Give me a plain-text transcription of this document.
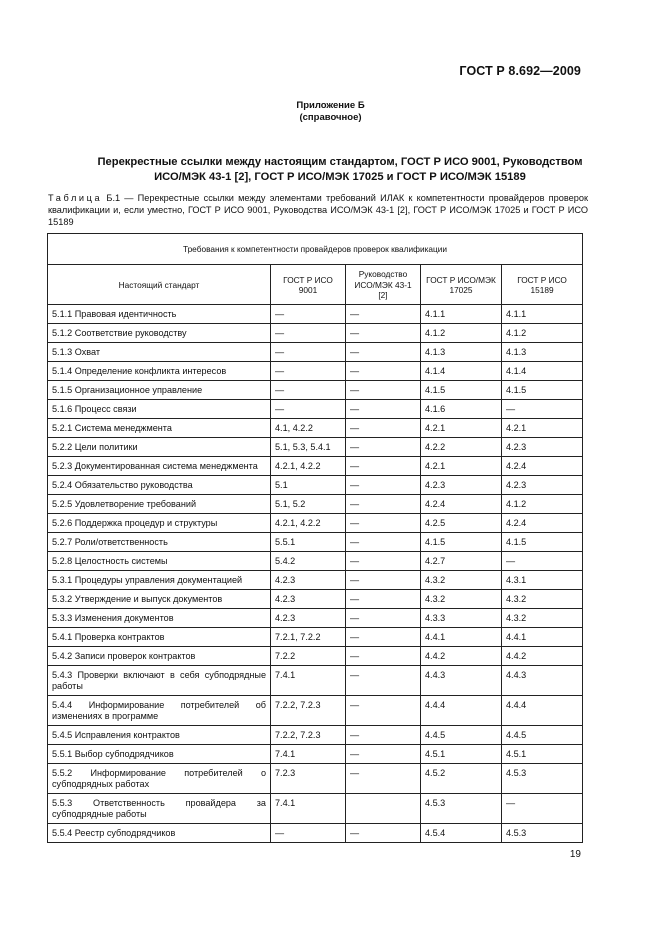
ГОСТ Р 8.692—2009
Приложение Б
(справочное)
Перекрестные ссылки между настоящим стандартом, ГОСТ Р ИСО 9001, Руководством
ИСО/МЭК 43-1 [2], ГОСТ Р ИСО/МЭК 17025 и ГОСТ Р ИСО/МЭК 15189
Таблица Б.1 — Перекрестные ссылки между элементами требований ИЛАК к компетентности провайдеров проверок квалификации и, если уместно, ГОСТ Р ИСО 9001, Руководства ИСО/МЭК 43-1 [2], ГОСТ Р ИСО/МЭК 17025 и ГОСТ Р ИСО 15189
Требования к компетентности провайдеров проверок квалификации				
Настоящий стандарт	ГОСТ Р ИСО 9001	Руководство ИСО/МЭК 43-1 [2]	ГОСТ Р ИСО/МЭК 17025	ГОСТ Р ИСО 15189
5.1.1 Правовая идентичность	—	—	4.1.1	4.1.1
5.1.2 Соответствие руководству	—	—	4.1.2	4.1.2
5.1.3 Охват	—	—	4.1.3	4.1.3
5.1.4 Определение конфликта интересов	—	—	4.1.4	4.1.4
5.1.5 Организационное управление	—	—	4.1.5	4.1.5
5.1.6 Процесс связи	—	—	4.1.6	—
5.2.1 Система менеджмента	4.1, 4.2.2	—	4.2.1	4.2.1
5.2.2 Цели политики	5.1, 5.3, 5.4.1	—	4.2.2	4.2.3
5.2.3 Документированная система менеджмента	4.2.1, 4.2.2	—	4.2.1	4.2.4
5.2.4 Обязательство руководства	5.1	—	4.2.3	4.2.3
5.2.5 Удовлетворение требований	5.1, 5.2	—	4.2.4	4.1.2
5.2.6 Поддержка процедур и структуры	4.2.1, 4.2.2	—	4.2.5	4.2.4
5.2.7 Роли/ответственность	5.5.1	—	4.1.5	4.1.5
5.2.8 Целостность системы	5.4.2	—	4.2.7	—
5.3.1 Процедуры управления документацией	4.2.3	—	4.3.2	4.3.1
5.3.2 Утверждение и выпуск документов	4.2.3	—	4.3.2	4.3.2
5.3.3 Изменения документов	4.2.3	—	4.3.3	4.3.2
5.4.1 Проверка контрактов	7.2.1, 7.2.2	—	4.4.1	4.4.1
5.4.2 Записи проверок контрактов	7.2.2	—	4.4.2	4.4.2
5.4.3 Проверки включают в себя субподрядные работы	7.4.1	—	4.4.3	4.4.3
5.4.4 Информирование потребителей об изменениях в программе	7.2.2, 7.2.3	—	4.4.4	4.4.4
5.4.5 Исправления контрактов	7.2.2, 7.2.3	—	4.4.5	4.4.5
5.5.1 Выбор субподрядчиков	7.4.1	—	4.5.1	4.5.1
5.5.2 Информирование потребителей о субподрядных работах	7.2.3	—	4.5.2	4.5.3
5.5.3 Ответственность провайдера за субподрядные работы	7.4.1		4.5.3	—
5.5.4 Реестр субподрядчиков	—	—	4.5.4	4.5.3
19
